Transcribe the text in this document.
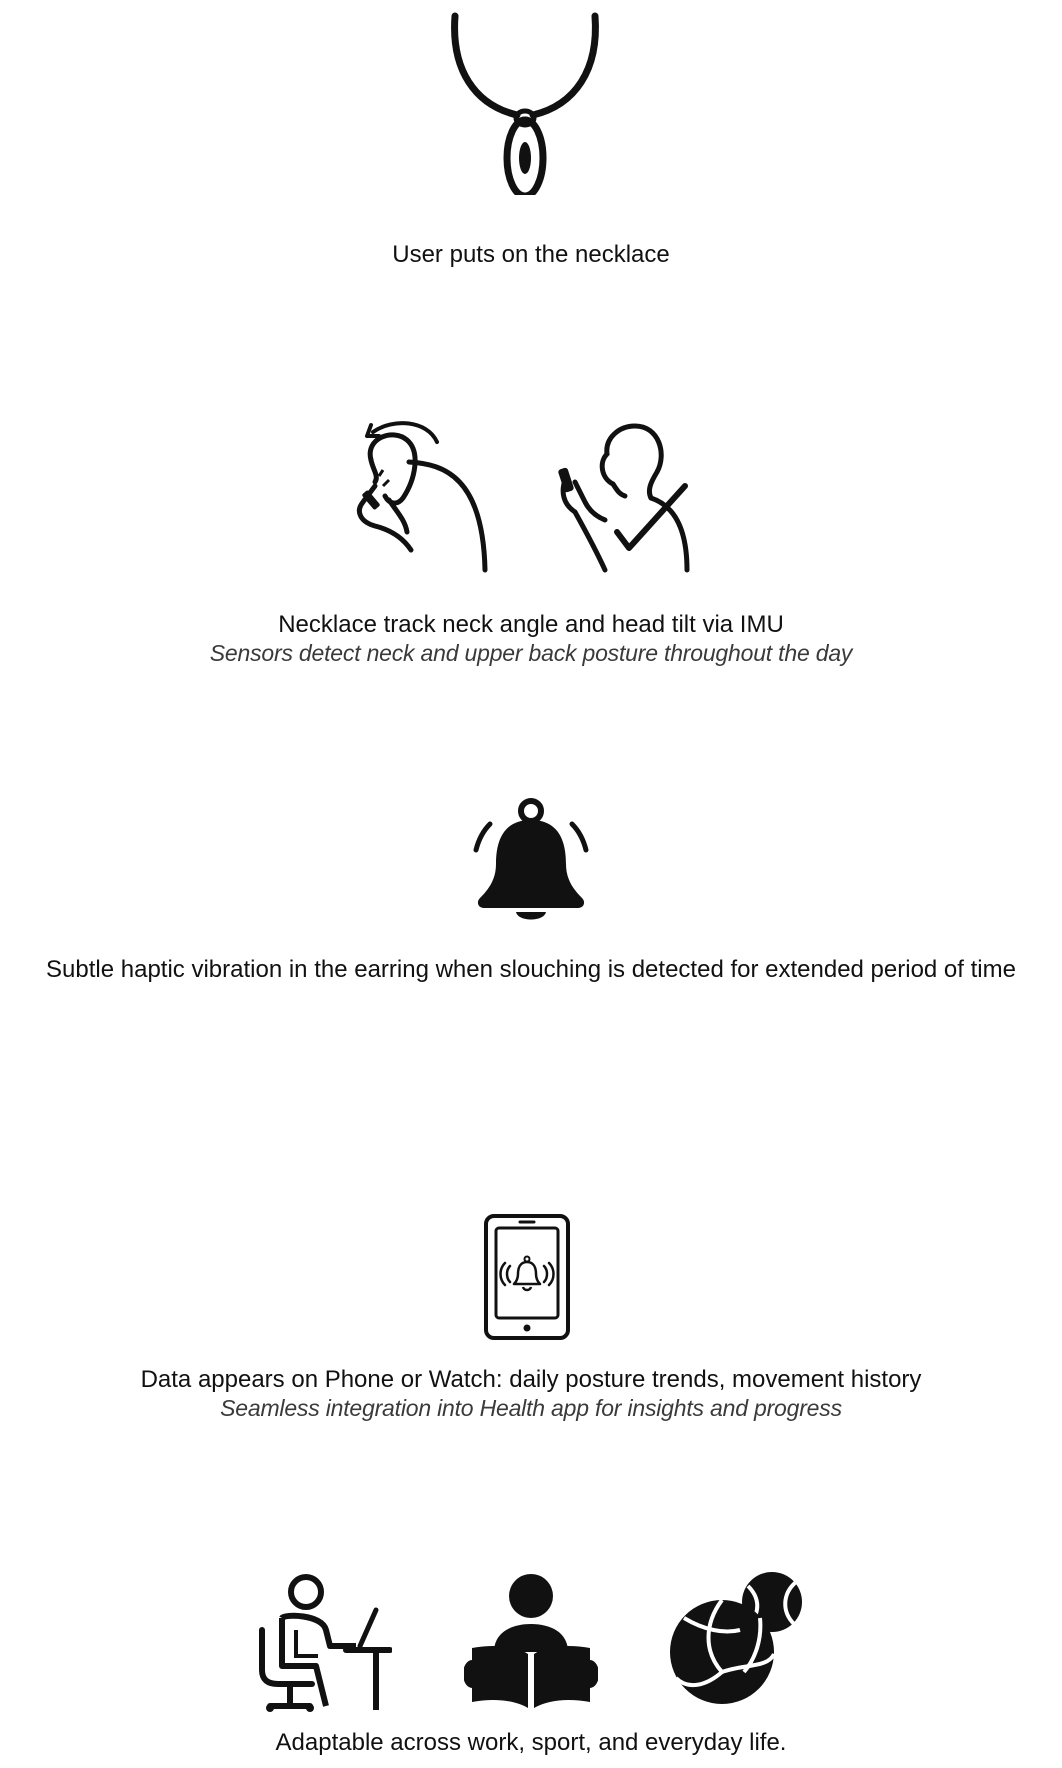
User puts on the necklace
Necklace track neck angle and head tilt via IMU
Sensors detect neck and upper back posture throughout the day
Subtle haptic vibration in the earring when slouching is detected for extended period of time
Data appears on Phone or Watch: daily posture trends, movement history
Seamless integration into Health app for insights and progress
Adaptable across work, sport, and everyday life.
